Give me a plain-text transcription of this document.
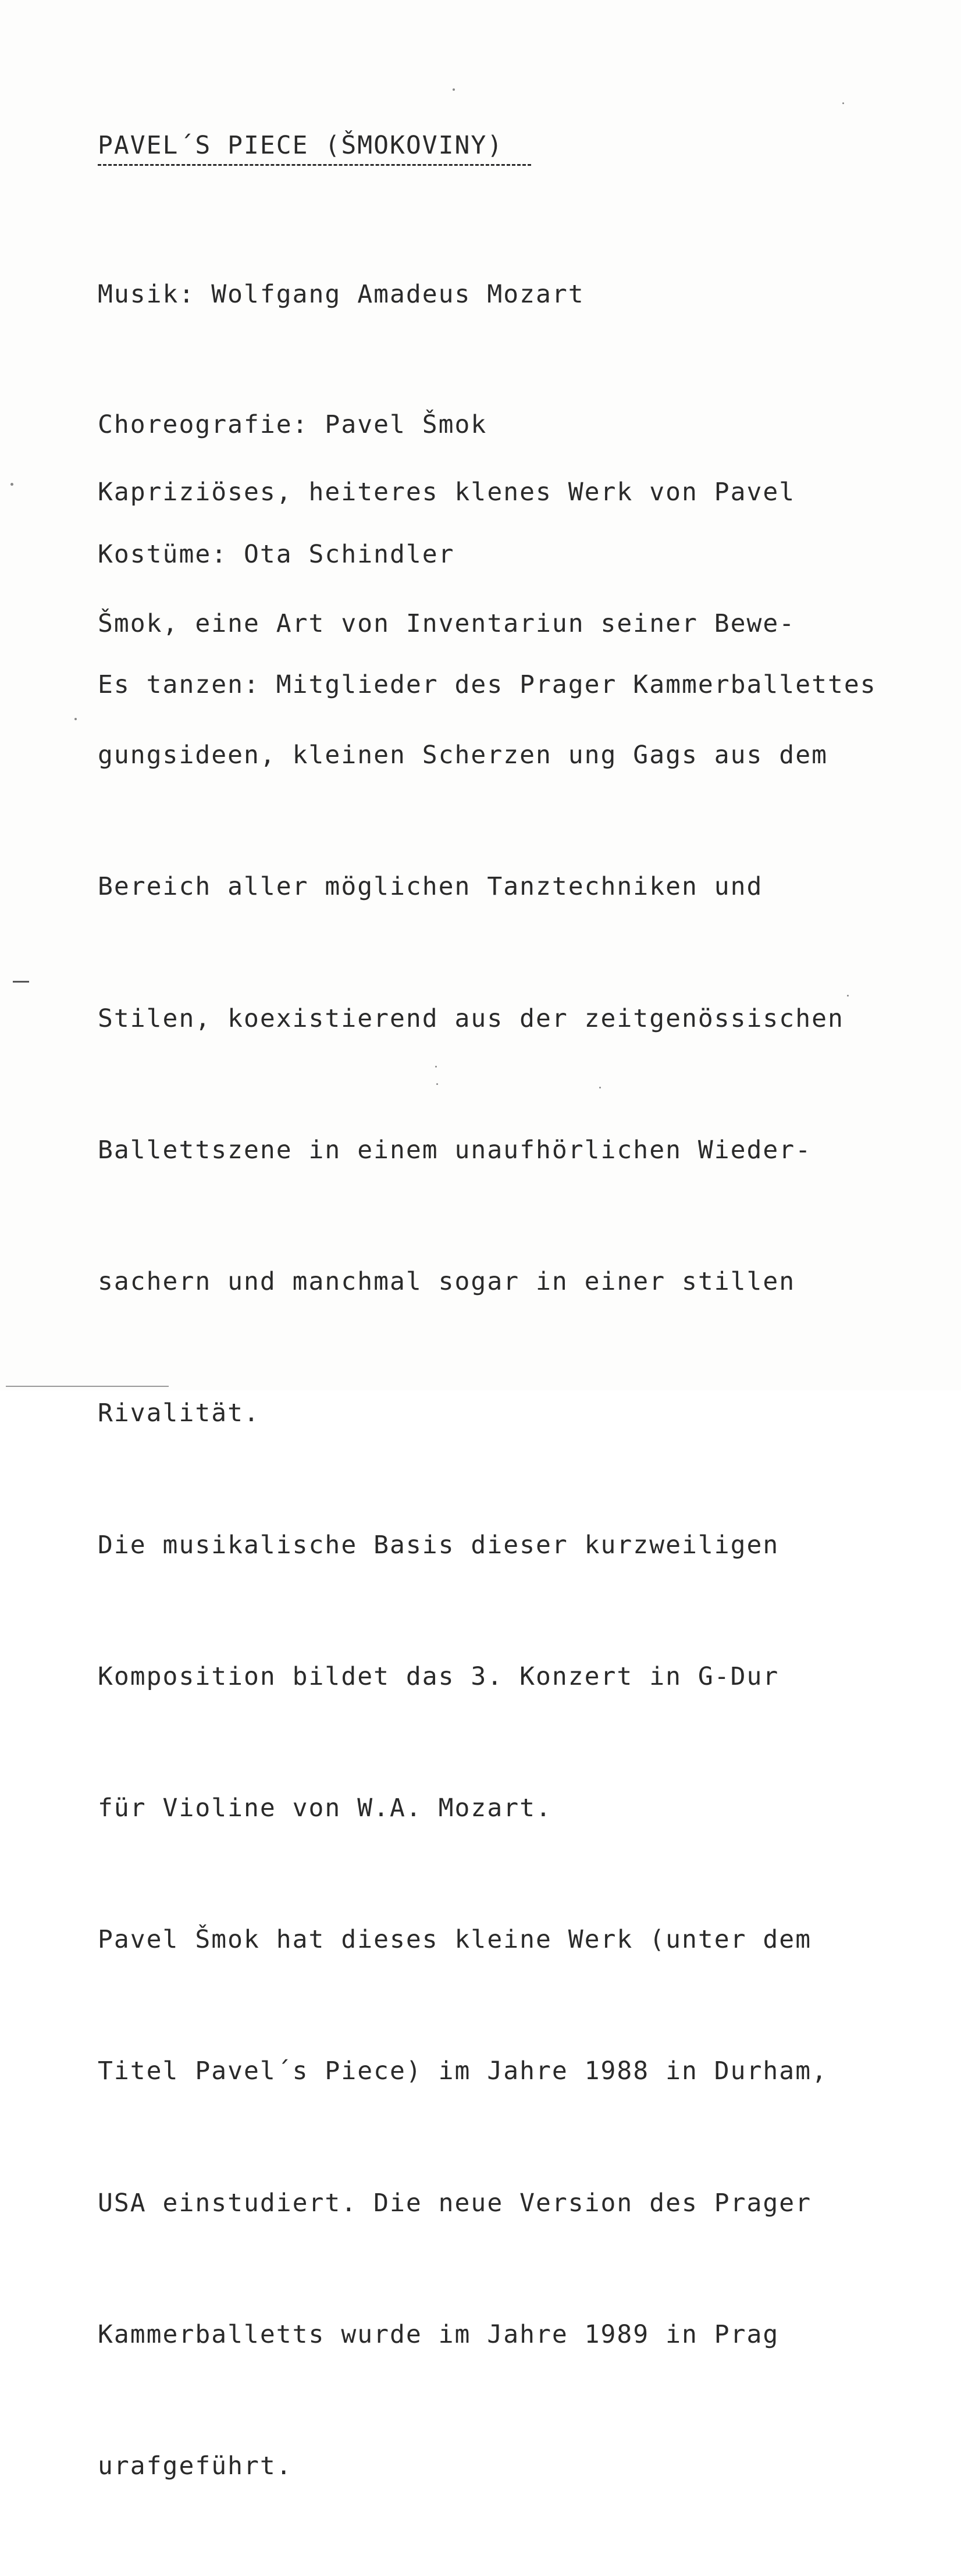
PAVEL´S PIECE (ŠMOKOVINY)

Musik: Wolfgang Amadeus Mozart

Choreografie: Pavel Šmok

Kostüme: Ota Schindler

Es tanzen: Mitglieder des Prager Kammerballettes

Kapriziöses, heiteres klenes Werk von Pavel

Šmok, eine Art von Inventariun seiner Bewe-

gungsideen, kleinen Scherzen ung Gags aus dem

Bereich aller möglichen Tanztechniken und

Stilen, koexistierend aus der zeitgenössischen

Ballettszene in einem unaufhörlichen Wieder-

sachern und manchmal sogar in einer stillen

Rivalität.

Die musikalische Basis dieser kurzweiligen

Komposition bildet das 3. Konzert in G-Dur

für Violine von W.A. Mozart.

Pavel Šmok hat dieses kleine Werk (unter dem

Titel Pavel´s Piece) im Jahre 1988 in Durham,

USA einstudiert. Die neue Version des Prager

Kammerballetts wurde im Jahre 1989 in Prag

urafgeführt.
